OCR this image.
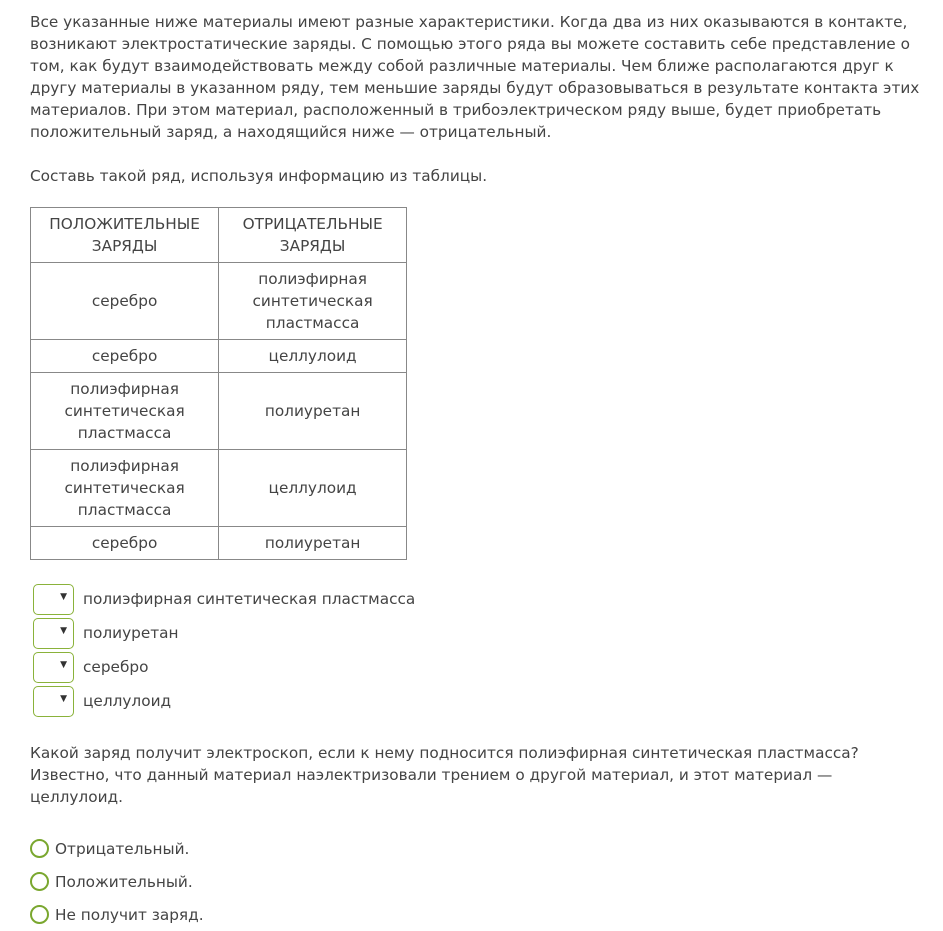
Все указанные ниже материалы имеют разные характеристики. Когда два из них оказываются в контакте, возникают электростатические заряды. С помощью этого ряда вы можете составить себе представление о том, как будут взаимодействовать между собой различные материалы. Чем ближе располагаются друг к другу материалы в указанном ряду, тем меньшие заряды будут образовываться в результате контакта этих материалов. При этом материал, расположенный в трибоэлектрическом ряду выше, будет приобретать положительный заряд, а находящийся ниже — отрицательный.

Составь такой ряд, используя информацию из таблицы.

ПОЛОЖИТЕЛЬНЫЕ ЗАРЯДЫ	ОТРИЦАТЕЛЬНЫЕ ЗАРЯДЫ
серебро	полиэфирная синтетическая пластмасса
серебро	целлулоид
полиэфирная синтетическая пластмасса	полиуретан
полиэфирная синтетическая пластмасса	целлулоид
серебро	полиуретан
▼ полиэфирная синтетическая пластмасса
▼ полиуретан
▼ серебро
▼ целлулоид

Какой заряд получит электроскоп, если к нему подносится полиэфирная синтетическая пластмасса? Известно, что данный материал наэлектризовали трением о другой материал, и этот материал — целлулоид.

Отрицательный.
Положительный.
Не получит заряд.
